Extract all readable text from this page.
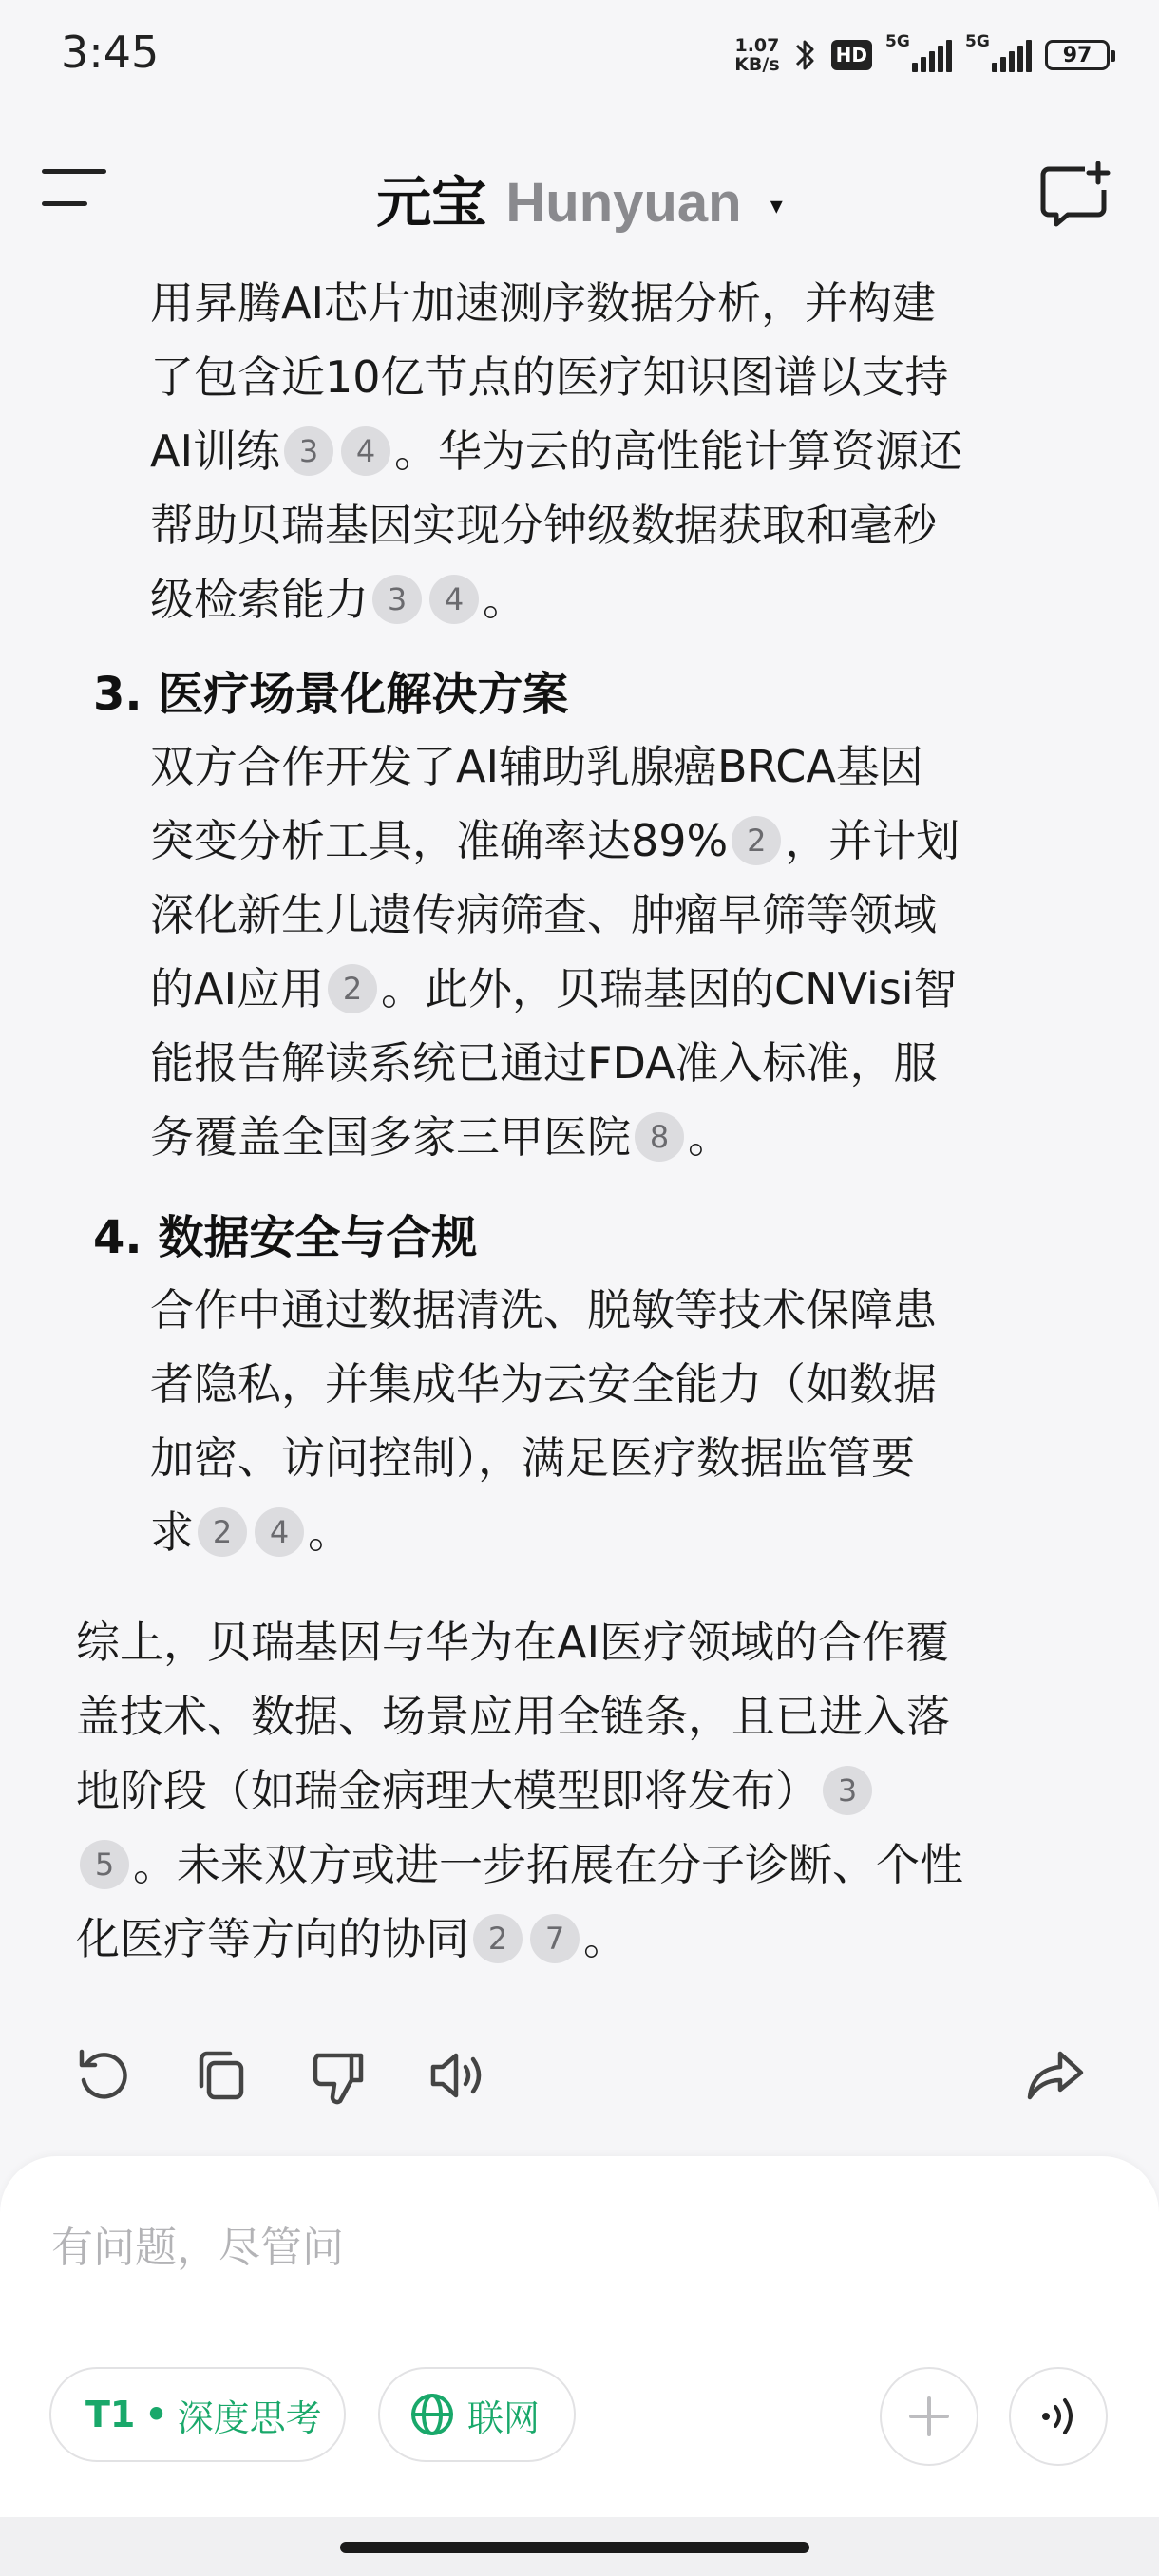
3:45	1.07
KB/s	HD
5G	5G
97
元宝 Hunyuan ▾
用昇腾AI芯片加速测序数据分析，并构建
了包含近10亿节点的医疗知识图谱以支持
AI训练 3 4 。华为云的高性能计算资源还
帮助贝瑞基因实现分钟级数据获取和毫秒
级检索能力 3 4 。
3. 医疗场景化解决方案
双方合作开发了AI辅助乳腺癌BRCA基因
突变分析工具，准确率达89% 2 ，并计划
深化新生儿遗传病筛查、肿瘤早筛等领域
的AI应用 2 。此外，贝瑞基因的CNVisi智
能报告解读系统已通过FDA准入标准，服
务覆盖全国多家三甲医院 8 。
4. 数据安全与合规
合作中通过数据清洗、脱敏等技术保障患
者隐私，并集成华为云安全能力（如数据
加密、访问控制），满足医疗数据监管要
求 2 4 。
综上，贝瑞基因与华为在AI医疗领域的合作覆
盖技术、数据、场景应用全链条，且已进入落
地阶段（如瑞金病理大模型即将发布） 3
5 。未来双方或进一步拓展在分子诊断、个性
化医疗等方向的协同 2 7 。
有问题，尽管问
T1 • 深度思考	联网
